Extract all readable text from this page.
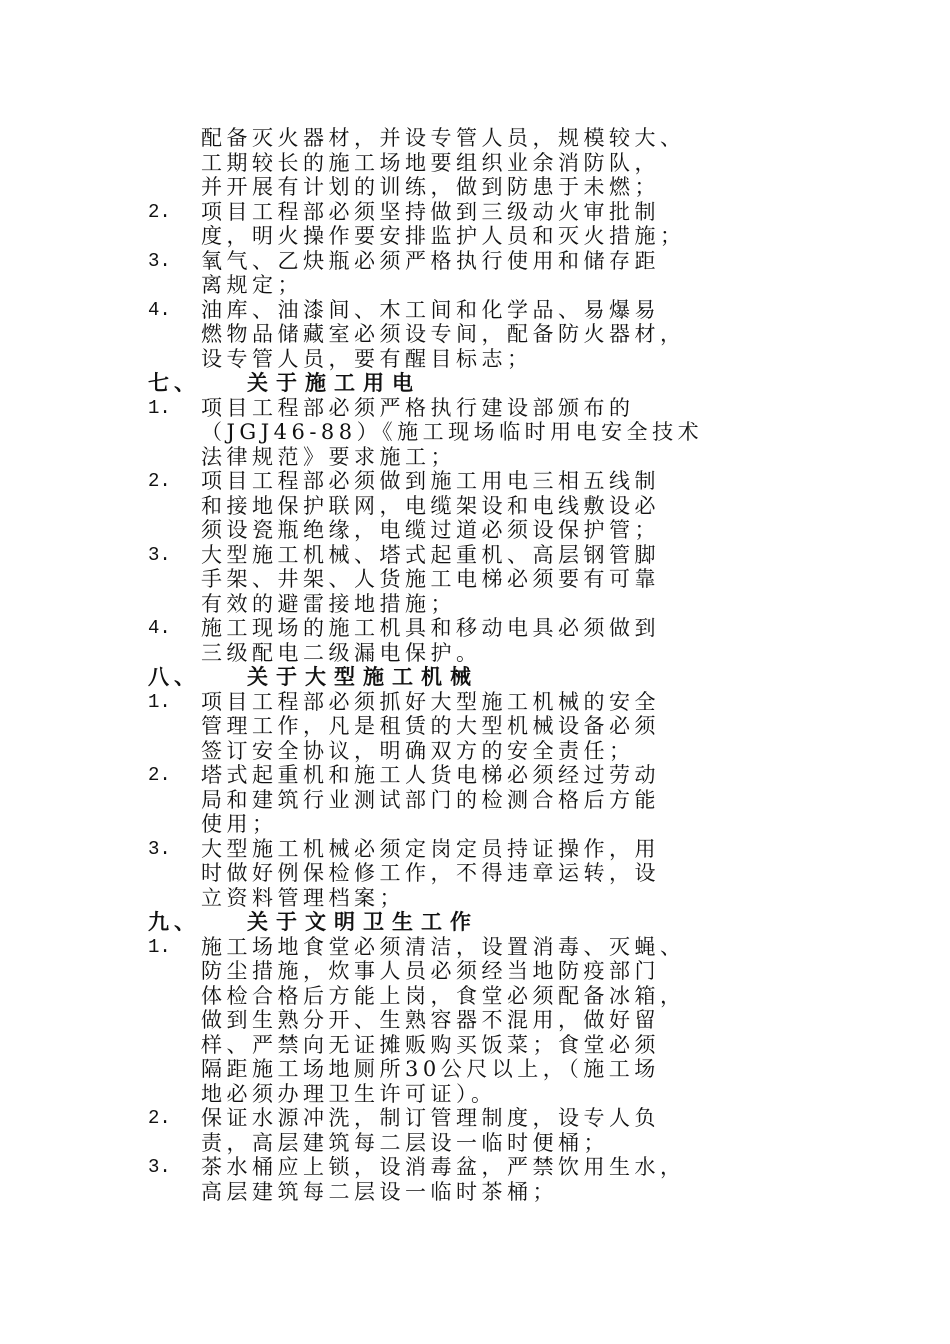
配备灭火器材，并设专管人员，规模较大、
工期较长的施工场地要组织业余消防队，
并开展有计划的训练，做到防患于未燃；
2. 项目工程部必须坚持做到三级动火审批制
度，明火操作要安排监护人员和灭火措施；
3. 氧气、乙炔瓶必须严格执行使用和储存距
离规定；
4. 油库、油漆间、木工间和化学品、易爆易
燃物品储藏室必须设专间，配备防火器材，
设专管人员，要有醒目标志；
七、 关于施工用电
1. 项目工程部必须严格执行建设部颁布的
（JGJ46-88）《施工现场临时用电安全技术
法律规范》要求施工；
2. 项目工程部必须做到施工用电三相五线制
和接地保护联网，电缆架设和电线敷设必
须设瓷瓶绝缘，电缆过道必须设保护管；
3. 大型施工机械、塔式起重机、高层钢管脚
手架、井架、人货施工电梯必须要有可靠
有效的避雷接地措施；
4. 施工现场的施工机具和移动电具必须做到
三级配电二级漏电保护。
八、 关于大型施工机械
1. 项目工程部必须抓好大型施工机械的安全
管理工作，凡是租赁的大型机械设备必须
签订安全协议，明确双方的安全责任；
2. 塔式起重机和施工人货电梯必须经过劳动
局和建筑行业测试部门的检测合格后方能
使用；
3. 大型施工机械必须定岗定员持证操作，用
时做好例保检修工作，不得违章运转，设
立资料管理档案；
九、 关于文明卫生工作
1. 施工场地食堂必须清洁，设置消毒、灭蝇、
防尘措施，炊事人员必须经当地防疫部门
体检合格后方能上岗，食堂必须配备冰箱，
做到生熟分开、生熟容器不混用，做好留
样、严禁向无证摊贩购买饭菜；食堂必须
隔距施工场地厕所30公尺以上，（施工场
地必须办理卫生许可证）。
2. 保证水源冲洗，制订管理制度，设专人负
责，高层建筑每二层设一临时便桶；
3. 茶水桶应上锁，设消毒盆，严禁饮用生水，
高层建筑每二层设一临时茶桶；
